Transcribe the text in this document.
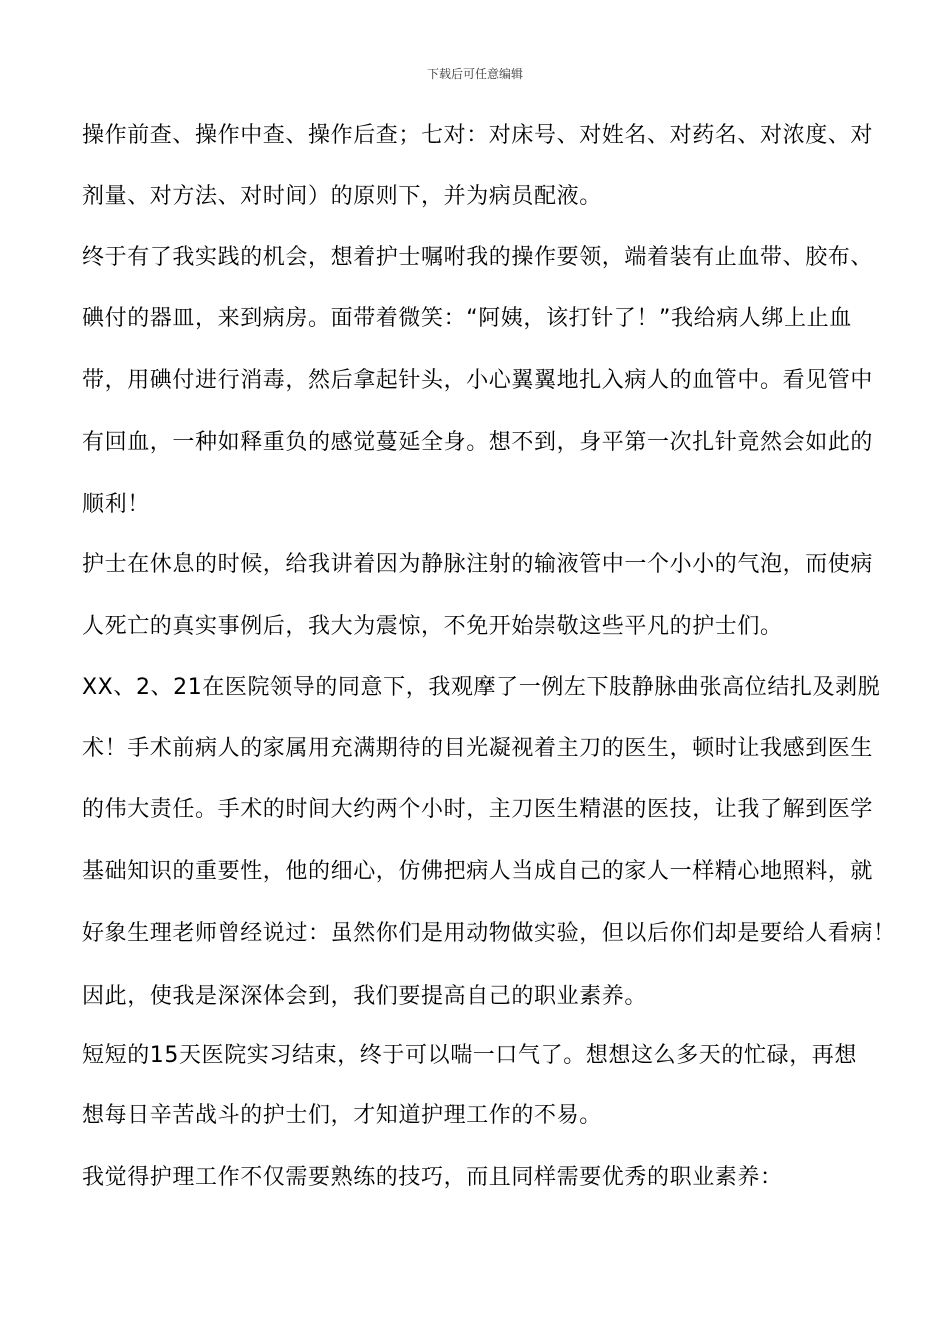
下载后可任意编辑
操作前查、操作中查、操作后查；七对：对床号、对姓名、对药名、对浓度、对
剂量、对方法、对时间）的原则下，并为病员配液。
终于有了我实践的机会，想着护士嘱咐我的操作要领，端着装有止血带、胶布、
碘付的器皿，来到病房。面带着微笑：“阿姨，该打针了！”我给病人绑上止血
带，用碘付进行消毒，然后拿起针头，小心翼翼地扎入病人的血管中。看见管中
有回血，一种如释重负的感觉蔓延全身。想不到，身平第一次扎针竟然会如此的
顺利！
护士在休息的时候，给我讲着因为静脉注射的输液管中一个小小的气泡，而使病
人死亡的真实事例后，我大为震惊，不免开始崇敬这些平凡的护士们。
XX、2、21在医院领导的同意下，我观摩了一例左下肢静脉曲张高位结扎及剥脱
术！手术前病人的家属用充满期待的目光凝视着主刀的医生，顿时让我感到医生
的伟大责任。手术的时间大约两个小时，主刀医生精湛的医技，让我了解到医学
基础知识的重要性，他的细心，仿佛把病人当成自己的家人一样精心地照料，就
好象生理老师曾经说过：虽然你们是用动物做实验，但以后你们却是要给人看病！
因此，使我是深深体会到，我们要提高自己的职业素养。
短短的15天医院实习结束，终于可以喘一口气了。想想这么多天的忙碌，再想
想每日辛苦战斗的护士们，才知道护理工作的不易。
我觉得护理工作不仅需要熟练的技巧，而且同样需要优秀的职业素养：
